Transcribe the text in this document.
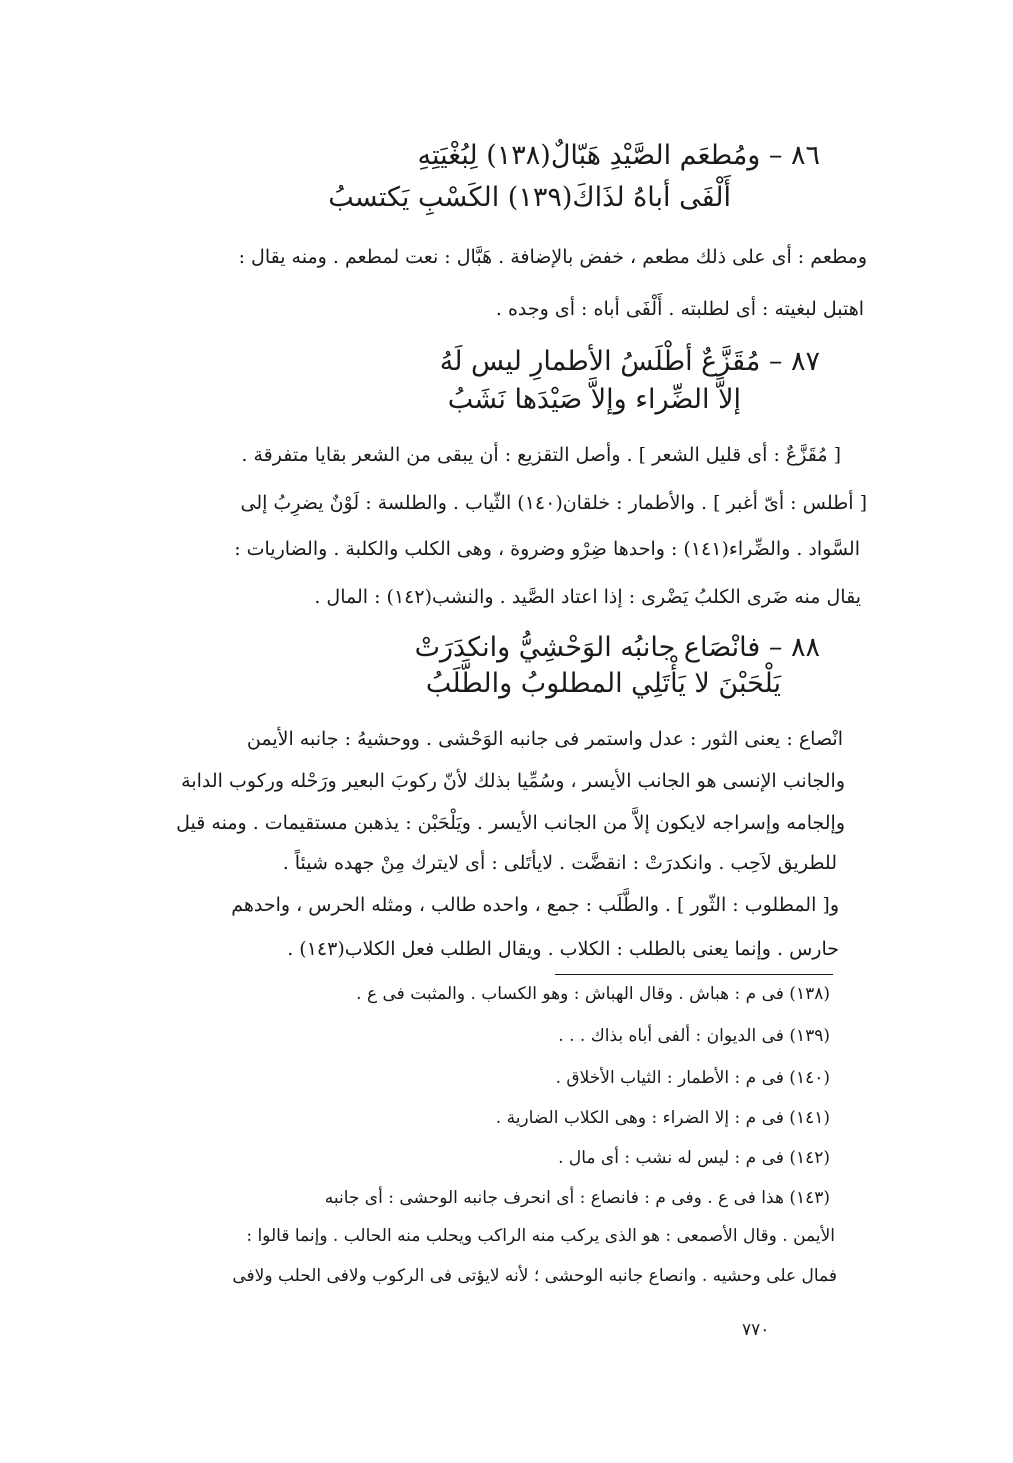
٨٦ – ومُطعَم الصَّيْدِ هَبّالٌ(١٣٨) لِبُغْيَتِهِ
أَلْفَى أباهُ لذَاكَ(١٣٩) الكَسْبِ يَكتسبُ
ومطعم : أى على ذلك مطعم ، خفض بالإضافة . هَبَّال : نعت لمطعم . ومنه يقال :
اهتبل لبغيته : أى لطلبته . أَلْفَى أباه : أى وجده .
٨٧ – مُقَزَّعٌ أطْلَسُ الأطمارِ ليس لَهُ
إلاَّ الضِّراء وإلاَّ صَيْدَها نَشَبُ
[ مُقَزَّعٌ : أى قليل الشعر ] . وأصل التقزيع : أن يبقى من الشعر بقايا متفرقة .
[ أطلس : أىّ أغبر ] . والأطمار : خلقان(١٤٠) الثّياب . والطلسة : لَوْنٌ يضرِبُ إلى
السَّواد . والضِّراء(١٤١) : واحدها ضِرْو وضروة ، وهى الكلب والكلبة . والضاريات :
يقال منه ضَرى الكلبُ يَضْرى : إذا اعتاد الصَّيد . والنشب(١٤٢) : المال .
٨٨ – فانْصَاع جانبُه الوَحْشِيُّ وانكدَرَتْ
يَلْحَبْنَ لا يَأْتَلِي المطلوبُ والطَّلَبُ
انْصاع : يعنى الثور : عدل واستمر فى جانبه الوَحْشى . ووحشيهُ : جانبه الأيمن
والجانب الإنسى هو الجانب الأيسر ، وسُمِّيا بذلك لأنّ ركوبَ البعير ورَحْله وركوب الدابة
وإلجامه وإسراجه لايكون إلاَّ من الجانب الأيسر . ويَلْحَبْن : يذهبن مستقيمات . ومنه قيل
للطريق لاَحِب . وانكدرَتْ : انقضَّت . لايأتَلى : أى لايترك مِنْ جهده شيئاً .
و[ المطلوب : الثّور ] . والطَّلَب : جمع ، واحده طالب ، ومثله الحرس ، واحدهم
حارس . وإنما يعنى بالطلب : الكلاب . ويقال الطلب فعل الكلاب(١٤٣) .
(١٣٨) فى م : هباش . وقال الهباش : وهو الكساب . والمثبت فى ع .
(١٣٩) فى الديوان : ألفى أباه بذاك . . .
(١٤٠) فى م : الأطمار : الثياب الأخلاق .
(١٤١) فى م : إلا الضراء : وهى الكلاب الضارية .
(١٤٢) فى م : ليس له نشب : أى مال .
(١٤٣) هذا فى ع . وفى م : فانصاع : أى انحرف جانبه الوحشى : أى جانبه
الأيمن . وقال الأصمعى : هو الذى يركب منه الراكب ويحلب منه الحالب . وإنما قالوا :
فمال على وحشيه . وانصاع جانبه الوحشى ؛ لأنه لايؤتى فى الركوب ولافى الحلب ولافى
٧٧٠
